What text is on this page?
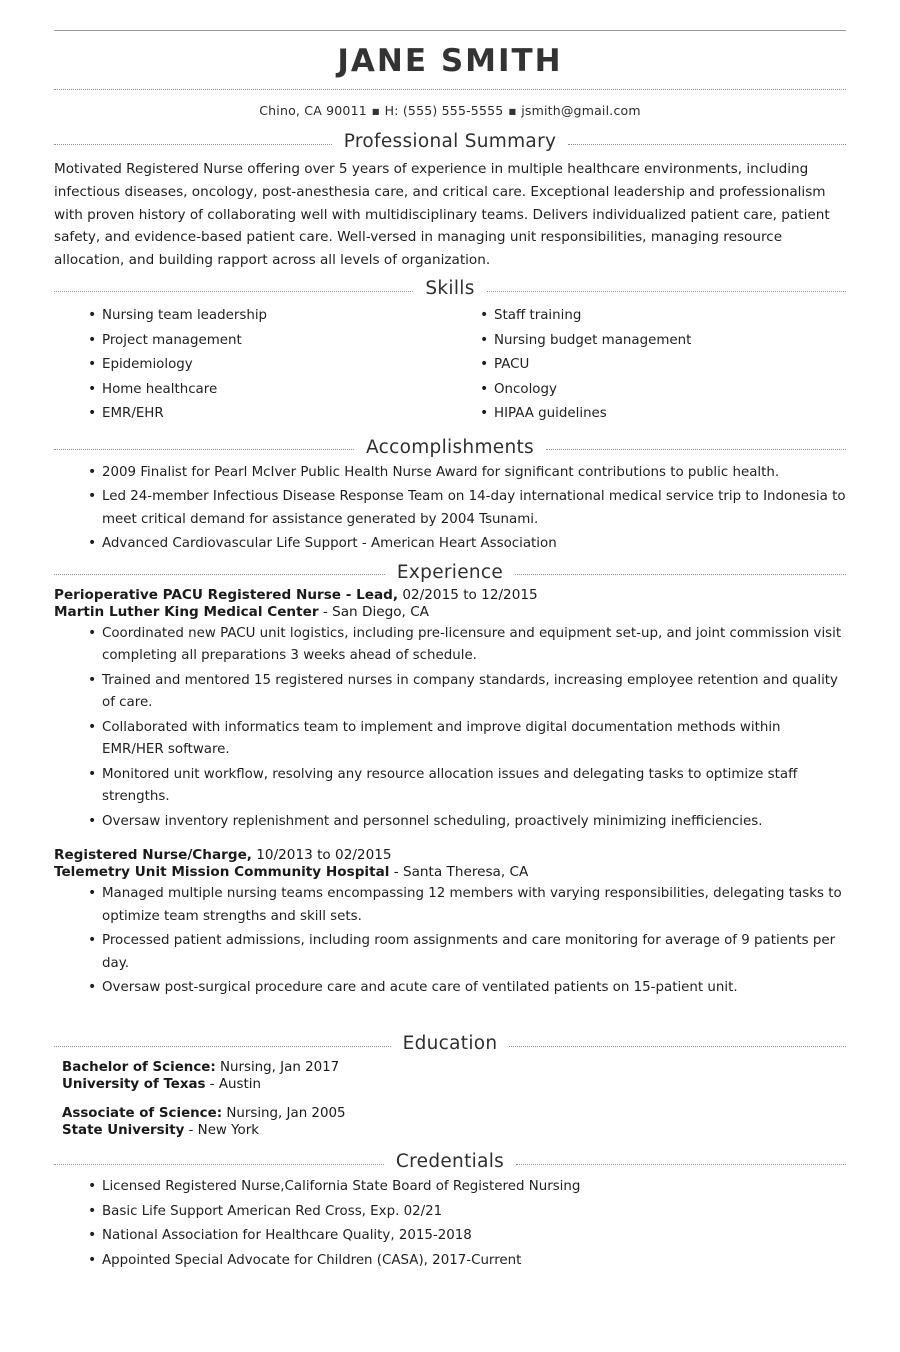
JANE SMITH
Chino, CA 90011 ■ H: (555) 555-5555 ■ jsmith@gmail.com
Professional Summary

Motivated Registered Nurse offering over 5 years of experience in multiple healthcare environments, including infectious diseases, oncology, post-anesthesia care, and critical care. Exceptional leadership and professionalism with proven history of collaborating well with multidisciplinary teams. Delivers individualized patient care, patient safety, and evidence-based patient care. Well-versed in managing unit responsibilities, managing resource allocation, and building rapport across all levels of organization.

Skills
• Nursing team leadership
• Project management
• Epidemiology
• Home healthcare
• EMR/EHR
• Staff training
• Nursing budget management
• PACU
• Oncology
• HIPAA guidelines
Accomplishments
• 2009 Finalist for Pearl McIver Public Health Nurse Award for significant contributions to public health.
• Led 24-member Infectious Disease Response Team on 14-day international medical service trip to Indonesia to meet critical demand for assistance generated by 2004 Tsunami.
• Advanced Cardiovascular Life Support - American Heart Association
Experience
Perioperative PACU Registered Nurse - Lead, 02/2015 to 12/2015
Martin Luther King Medical Center - San Diego, CA
• Coordinated new PACU unit logistics, including pre-licensure and equipment set-up, and joint commission visit completing all preparations 3 weeks ahead of schedule.
• Trained and mentored 15 registered nurses in company standards, increasing employee retention and quality of care.
• Collaborated with informatics team to implement and improve digital documentation methods within EMR/HER software.
• Monitored unit workflow, resolving any resource allocation issues and delegating tasks to optimize staff strengths.
• Oversaw inventory replenishment and personnel scheduling, proactively minimizing inefficiencies.
Registered Nurse/Charge, 10/2013 to 02/2015
Telemetry Unit Mission Community Hospital - Santa Theresa, CA
• Managed multiple nursing teams encompassing 12 members with varying responsibilities, delegating tasks to optimize team strengths and skill sets.
• Processed patient admissions, including room assignments and care monitoring for average of 9 patients per day.
• Oversaw post-surgical procedure care and acute care of ventilated patients on 15-patient unit.
Education
Bachelor of Science: Nursing, Jan 2017
University of Texas - Austin
Associate of Science: Nursing, Jan 2005
State University - New York
Credentials
• Licensed Registered Nurse,California State Board of Registered Nursing
• Basic Life Support American Red Cross, Exp. 02/21
• National Association for Healthcare Quality, 2015-2018
• Appointed Special Advocate for Children (CASA), 2017-Current
